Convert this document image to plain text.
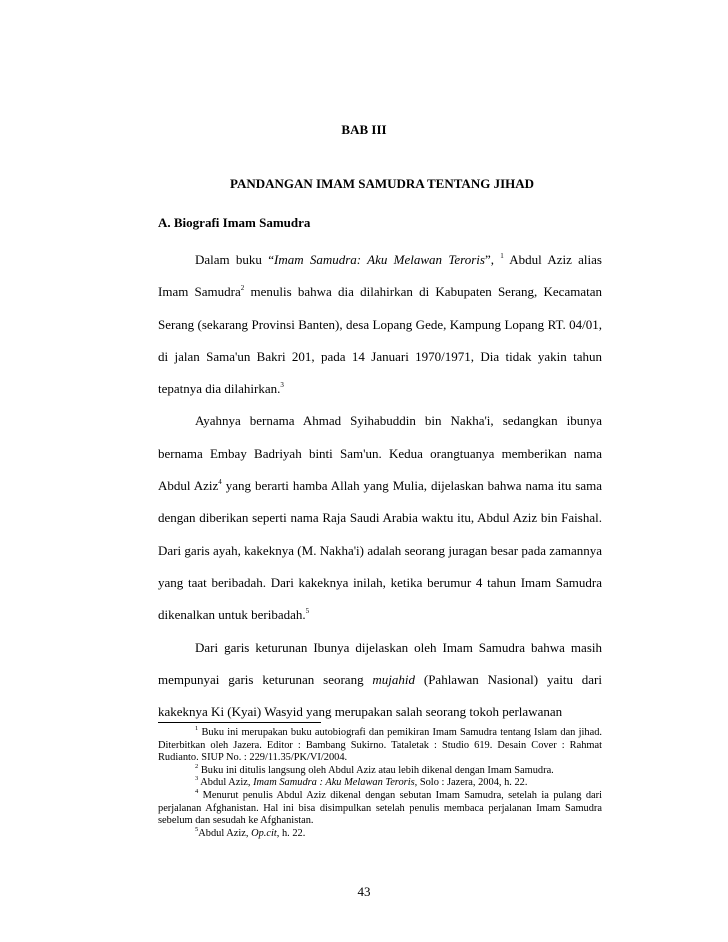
BAB III
PANDANGAN IMAM SAMUDRA TENTANG JIHAD
A. Biografi Imam Samudra

Dalam buku “Imam Samudra: Aku Melawan Teroris”, $^1$ Abdul Aziz alias Imam Samudra$^2$ menulis bahwa dia dilahirkan di Kabupaten Serang, Kecamatan Serang (sekarang Provinsi Banten), desa Lopang Gede, Kampung Lopang RT. 04/01, di jalan Sama'un Bakri 201, pada 14 Januari 1970/1971, Dia tidak yakin tahun tepatnya dia dilahirkan.$^3$

Ayahnya bernama Ahmad Syihabuddin bin Nakha'i, sedangkan ibunya bernama Embay Badriyah binti Sam'un. Kedua orangtuanya memberikan nama Abdul Aziz$^4$ yang berarti hamba Allah yang Mulia, dijelaskan bahwa nama itu sama dengan diberikan seperti nama Raja Saudi Arabia waktu itu, Abdul Aziz bin Faishal. Dari garis ayah, kakeknya (M. Nakha'i) adalah seorang juragan besar pada zamannya yang taat beribadah. Dari kakeknya inilah, ketika berumur 4 tahun Imam Samudra dikenalkan untuk beribadah.$^5$

Dari garis keturunan Ibunya dijelaskan oleh Imam Samudra bahwa masih mempunyai garis keturunan seorang mujahid (Pahlawan Nasional) yaitu dari kakeknya Ki (Kyai) Wasyid yang merupakan salah seorang tokoh perlawanan

$^1$ Buku ini merupakan buku autobiografi dan pemikiran Imam Samudra tentang Islam dan jihad. Diterbitkan oleh Jazera. Editor : Bambang Sukirno. Tataletak : Studio 619. Desain Cover : Rahmat Rudianto. SIUP No. : 229/11.35/PK/VI/2004.

$^2$ Buku ini ditulis langsung oleh Abdul Aziz atau lebih dikenal dengan Imam Samudra.

$^3$ Abdul Aziz, Imam Samudra : Aku Melawan Teroris, Solo : Jazera, 2004, h. 22.

$^4$ Menurut penulis Abdul Aziz dikenal dengan sebutan Imam Samudra, setelah ia pulang dari perjalanan Afghanistan. Hal ini bisa disimpulkan setelah penulis membaca perjalanan Imam Samudra sebelum dan sesudah ke Afghanistan.

$^5$Abdul Aziz, Op.cit, h. 22.

43
